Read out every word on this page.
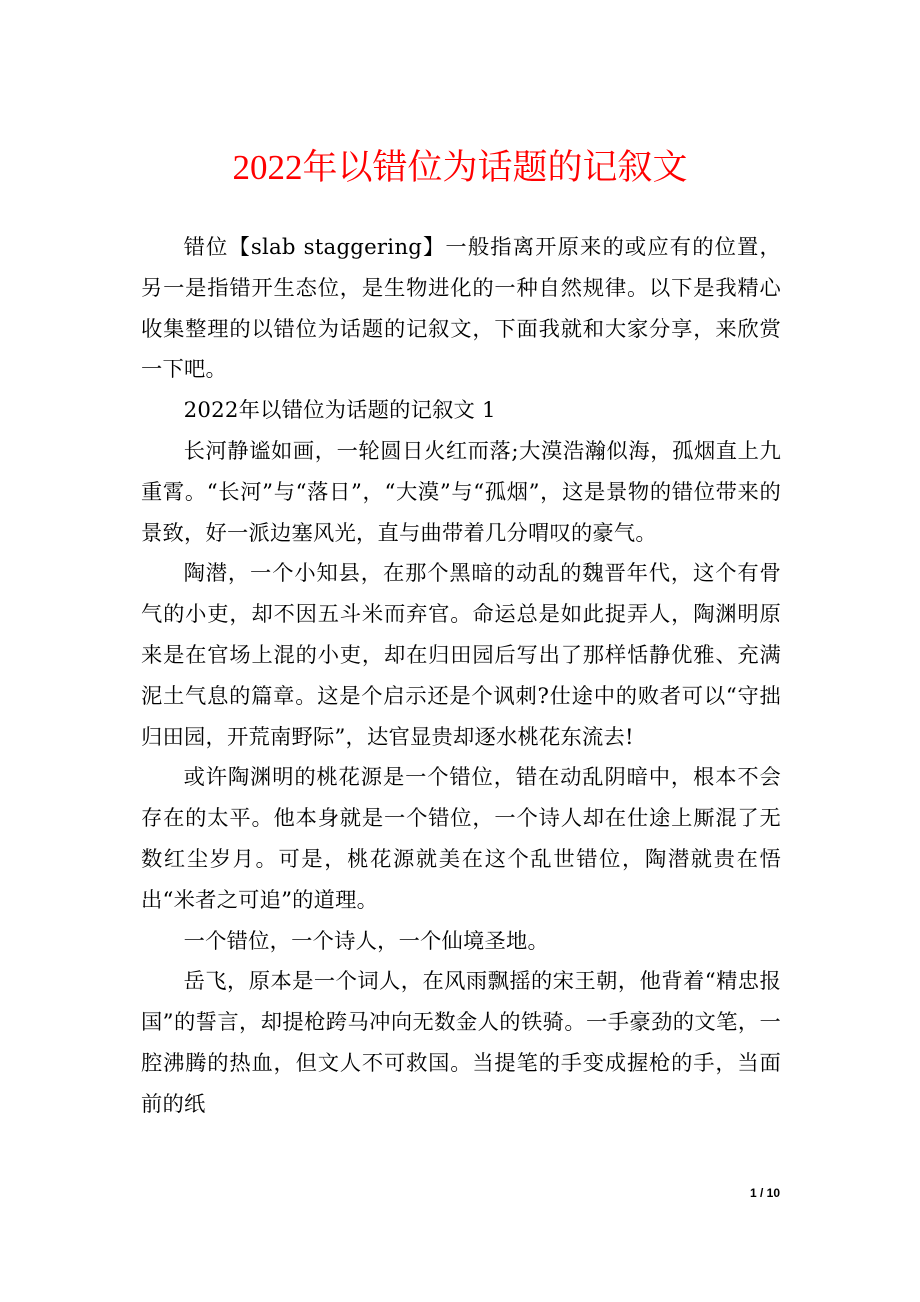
2022年以错位为话题的记叙文

错位【slab staggering】一般指离开原来的或应有的位置，另一是指错开生态位，是生物进化的一种自然规律。以下是我精心收集整理的以错位为话题的记叙文，下面我就和大家分享，来欣赏一下吧。

2022年以错位为话题的记叙文 1

长河静谧如画，一轮圆日火红而落;大漠浩瀚似海，孤烟直上九重霄。“长河”与“落日”，“大漠”与“孤烟”，这是景物的错位带来的景致，好一派边塞风光，直与曲带着几分喟叹的豪气。

陶潜，一个小知县，在那个黑暗的动乱的魏晋年代，这个有骨气的小吏，却不因五斗米而弃官。命运总是如此捉弄人，陶渊明原来是在官场上混的小吏，却在归田园后写出了那样恬静优雅、充满泥土气息的篇章。这是个启示还是个讽刺?仕途中的败者可以“守拙归田园，开荒南野际”，达官显贵却逐水桃花东流去!

或许陶渊明的桃花源是一个错位，错在动乱阴暗中，根本不会存在的太平。他本身就是一个错位，一个诗人却在仕途上厮混了无数红尘岁月。可是，桃花源就美在这个乱世错位，陶潜就贵在悟出“米者之可追”的道理。

一个错位，一个诗人，一个仙境圣地。

岳飞，原本是一个词人，在风雨飘摇的宋王朝，他背着“精忠报国”的誓言，却提枪跨马冲向无数金人的铁骑。一手豪劲的文笔，一腔沸腾的热血，但文人不可救国。当提笔的手变成握枪的手，当面前的纸

1 / 10
